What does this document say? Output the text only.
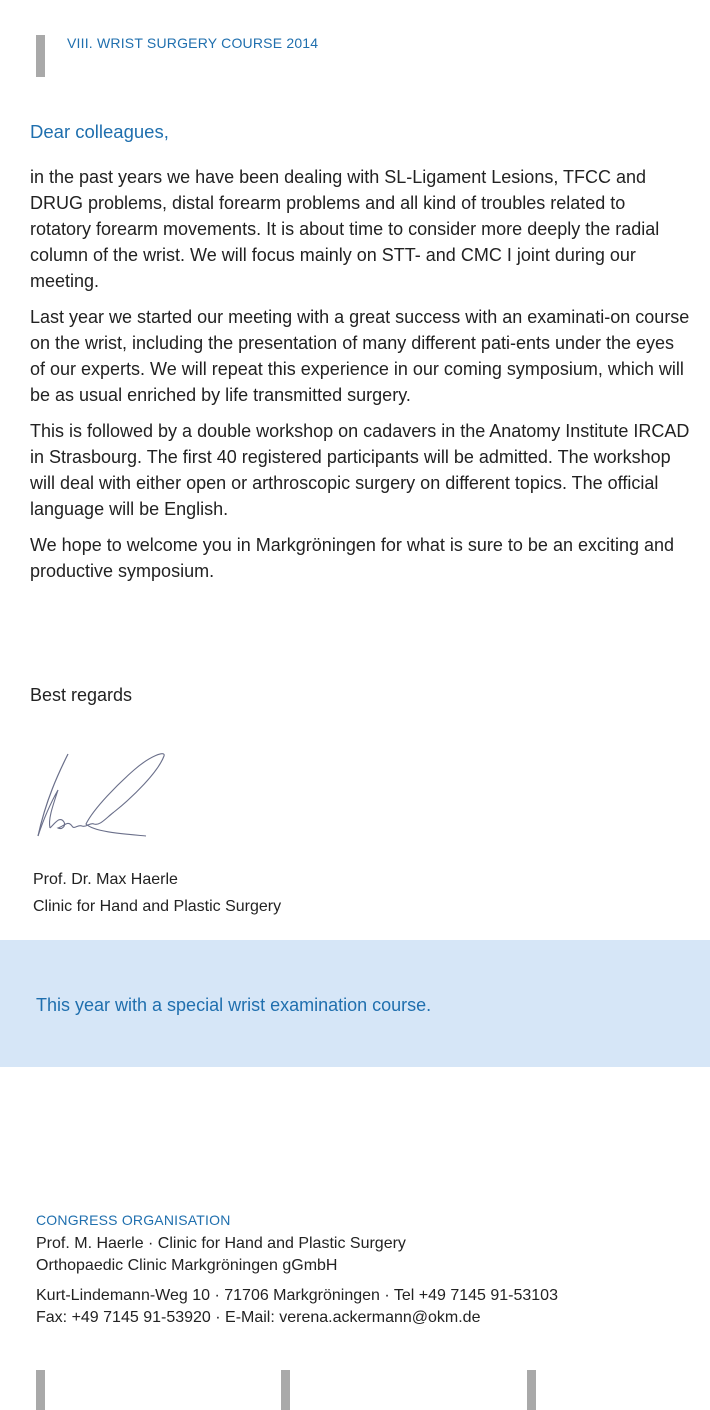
VIII. WRIST SURGERY COURSE 2014
Dear colleagues,

in the past years we have been dealing with SL-Ligament Lesions, TFCC and DRUG problems, distal forearm problems and all kind of troubles related to rotatory forearm movements. It is about time to consider more deeply the radial column of the wrist. We will focus mainly on STT- and CMC I joint during our meeting.

Last year we started our meeting with a great success with an examinati-on course on the wrist, including the presentation of many different pati-ents under the eyes of our experts. We will repeat this experience in our coming symposium, which will be as usual enriched by life transmitted surgery.

This is followed by a double workshop on cadavers in the Anatomy Institute IRCAD in Strasbourg. The first 40 registered participants will be admitted. The workshop will deal with either open or arthroscopic surgery on different topics. The official language will be English.

We hope to welcome you in Markgröningen for what is sure to be an exciting and productive symposium.

Best regards
Prof. Dr. Max Haerle
Clinic for Hand and Plastic Surgery
This year with a special wrist examination course.
CONGRESS ORGANISATION
Prof. M. Haerle · Clinic for Hand and Plastic Surgery
Orthopaedic Clinic Markgröningen gGmbH
Kurt-Lindemann-Weg 10 · 71706 Markgröningen · Tel +49 7145 91-53103
Fax: +49 7145 91-53920 · E-Mail: verena.ackermann@okm.de
